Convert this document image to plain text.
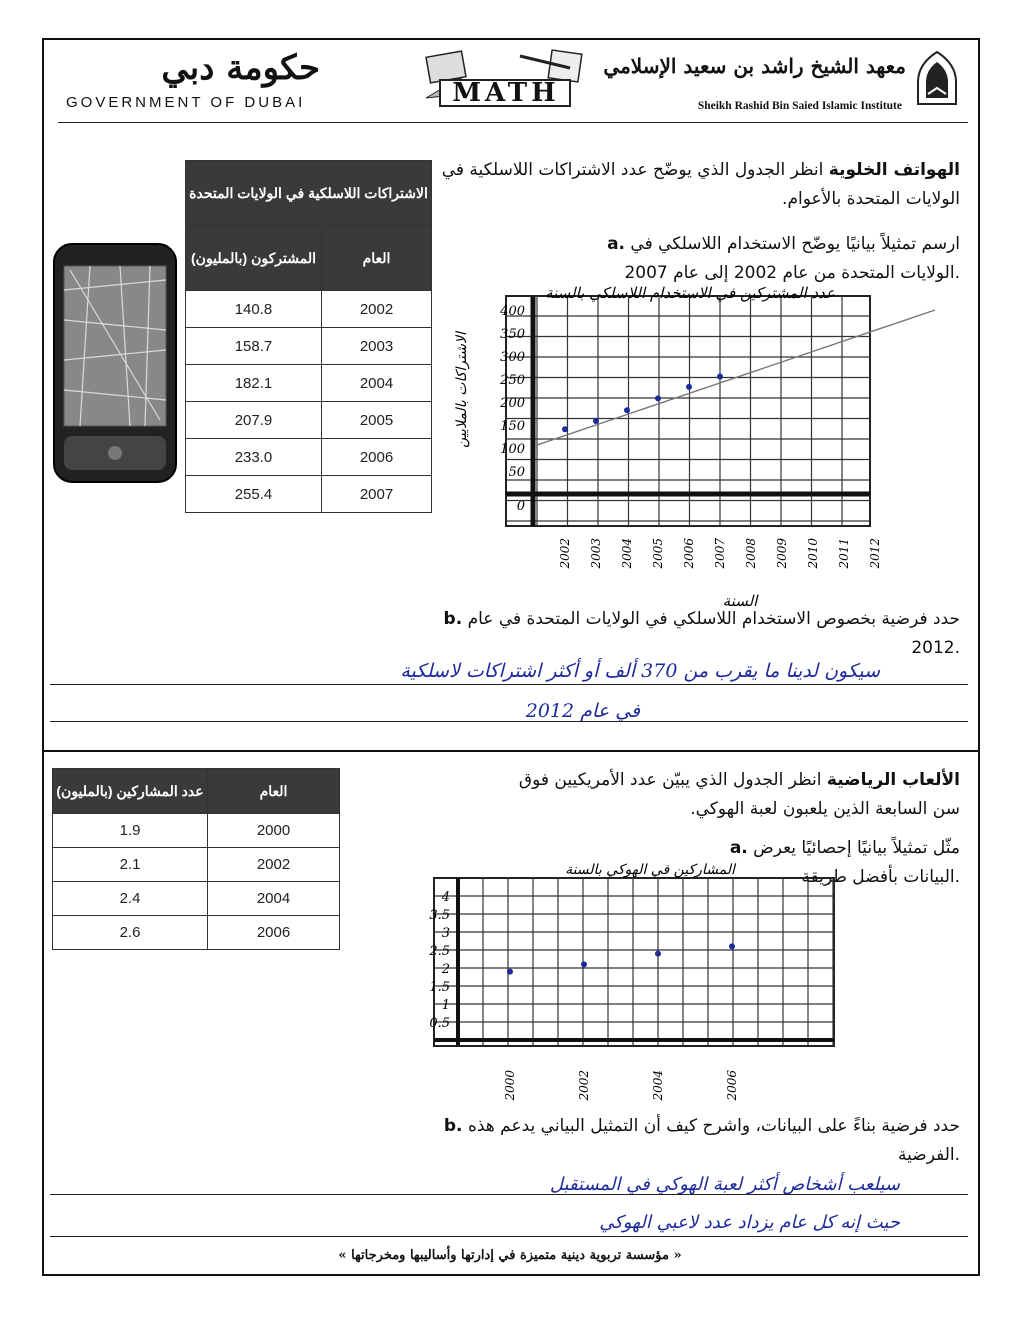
حكومة دبي
GOVERNMENT OF DUBAI	MATH
معهد الشيخ راشد بن سعيد الإسلامي
Sheikh Rashid Bin Saied Islamic Institute
الهواتف الخلوية انظر الجدول الذي يوضّح عدد الاشتراكات اللاسلكية في الولايات المتحدة بالأعوام.
الاشتراكات اللاسلكية في الولايات المتحدة	
المشتركون (بالمليون)	العام
140.8	2002
158.7	2003
182.1	2004
207.9	2005
233.0	2006
255.4	2007
a. ارسم تمثيلاً بيانيًا يوضّح الاستخدام اللاسلكي في الولايات المتحدة من عام 2002 إلى عام 2007.
0
50
100
150
200
250
300
350
400
2002 2003 2004 2005 2006 2007 2008 2009 2010 2011 2012
عدد المشتركين في الاستخدام اللاسلكي بالسنة
الاشتراكات بالملايين
السنة
b. حدد فرضية بخصوص الاستخدام اللاسلكي في الولايات المتحدة في عام 2012.
سيكون لدينا ما يقرب من 370 ألف أو أكثر اشتراكات لاسلكية
في عام 2012
عدد المشاركين (بالمليون)	العام
1.9	2000
2.1	2002
2.4	2004
2.6	2006
الألعاب الرياضية انظر الجدول الذي يبيّن عدد الأمريكيين فوق سن السابعة الذين يلعبون لعبة الهوكي.
a. مثّل تمثيلاً بيانيًا إحصائيًا يعرض البيانات بأفضل طريقة.
0.5
1
1.5
2
2.5
3
3.5
4
2000	2002	2004	2006
المشاركين في الهوكي بالسنة
b. حدد فرضية بناءً على البيانات، واشرح كيف أن التمثيل البياني يدعم هذه الفرضية.
سيلعب أشخاص أكثر لعبة الهوكي في المستقبل
حيث إنه كل عام يزداد عدد لاعبي الهوكي
« مؤسسة تربوية دينية متميزة في إدارتها وأساليبها ومخرجاتها »
